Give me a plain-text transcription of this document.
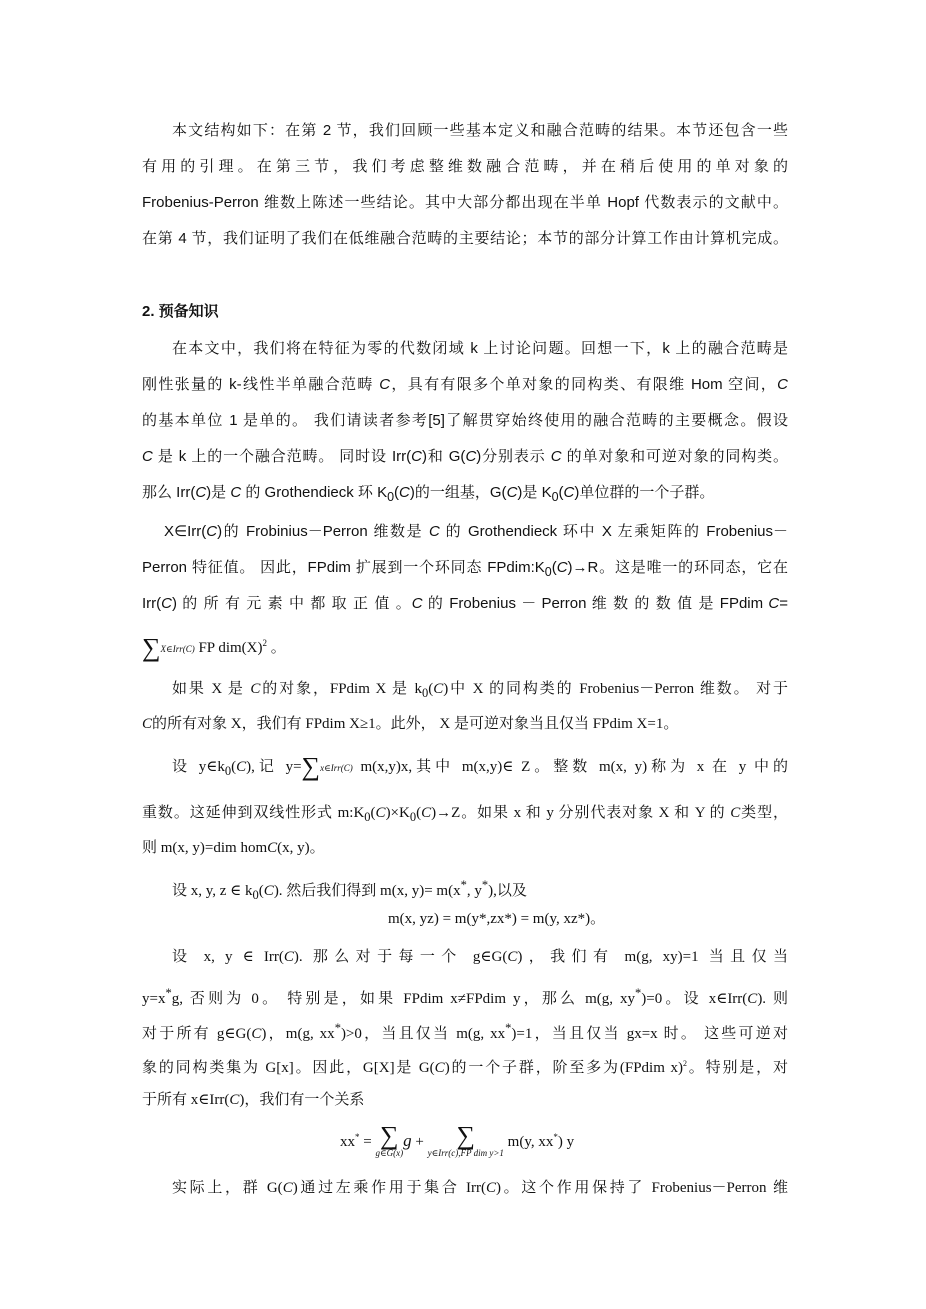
本文结构如下：在第 2 节，我们回顾一些基本定义和融合范畴的结果。本节还包含一些
有用的引理。在第三节，我们考虑整维数融合范畴，并在稍后使用的单对象的
Frobenius-Perron 维数上陈述一些结论。其中大部分都出现在半单 Hopf 代数表示的文献中。
在第 4 节，我们证明了我们在低维融合范畴的主要结论；本节的部分计算工作由计算机完成。
2. 预备知识
在本文中，我们将在特征为零的代数闭域 k 上讨论问题。回想一下，k 上的融合范畴是
刚性张量的 k-线性半单融合范畴 C，具有有限多个单对象的同构类、有限维 Hom 空间，C
的基本单位 1 是单的。 我们请读者参考[5]了解贯穿始终使用的融合范畴的主要概念。假设
C 是 k 上的一个融合范畴。 同时设 Irr(C)和 G(C)分别表示 C 的单对象和可逆对象的同构类。
那么 Irr(C)是 C 的 Grothendieck 环 $K_0(C)$的一组基，G(C)是 $K_0(C)$单位群的一个子群。
X∈Irr(C)的 Frobinius－Perron 维数是 C 的 Grothendieck 环中 X 左乘矩阵的 Frobenius－
Perron 特征值。 因此，FPdim 扩展到一个环同态 $FPdim:K_0(C)\to R$。这是唯一的环同态，它在
Irr(C) 的 所 有 元 素 中 都 取 正 值 。C 的 Frobenius － Perron 维 数 的 数 值 是 FPdim C=
∑X∈Irr(C) FP $dim(X)^2$ 。
如果 X 是 C的对象，FPdim X 是 $k_0(C)$中 X 的同构类的 Frobenius－Perron 维数。 对于
C的所有对象 X，我们有 FPdim X≥1。此外， X 是可逆对象当且仅当 FPdim X=1。
设 $y\in k_0(C)$,记 y=∑x∈Irr(C) m(x,y)x,其中 m(x,y)∈ Z。整数 m(x, y)称为 x 在 y 中的
重数。这延伸到双线性形式 $m:K_0(C)\times K_0(C)\to Z$。如果 x 和 y 分别代表对象 X 和 Y 的 C类型，
则 m(x, y)=dim homC(x, y)。
设 x, y, z ∈ $k_0(C)$. 然后我们得到 m(x, y)= m(x*, y*),以及
m(x, yz) = m(y*,zx*) = m(y, xz*)。
设 x, y ∈ Irr(C). 那么对于每一个 g∈G(C)，我们有 m(g, xy)=1 当且仅当
y=x*g, 否则为 0。 特别是，如果 FPdim x≠FPdim y，那么 m(g, xy*)=0。设 x∈Irr(C). 则
对于所有 g∈G(C)，m(g, xx*)>0，当且仅当 m(g, xx*)=1，当且仅当 gx=x 时。 这些可逆对
象的同构类集为 G[x]。因此，G[X]是 G(C)的一个子群，阶至多为(FPdim x)$^2$。特别是，对
于所有 x∈Irr(C)，我们有一个关系
xx* = ∑
g∈G(x)
g +	∑
y∈Irr(c),FP dim y>1
m(y, xx*) y
实际上，群 G(C)通过左乘作用于集合 Irr(C)。这个作用保持了 Frobenius－Perron 维
